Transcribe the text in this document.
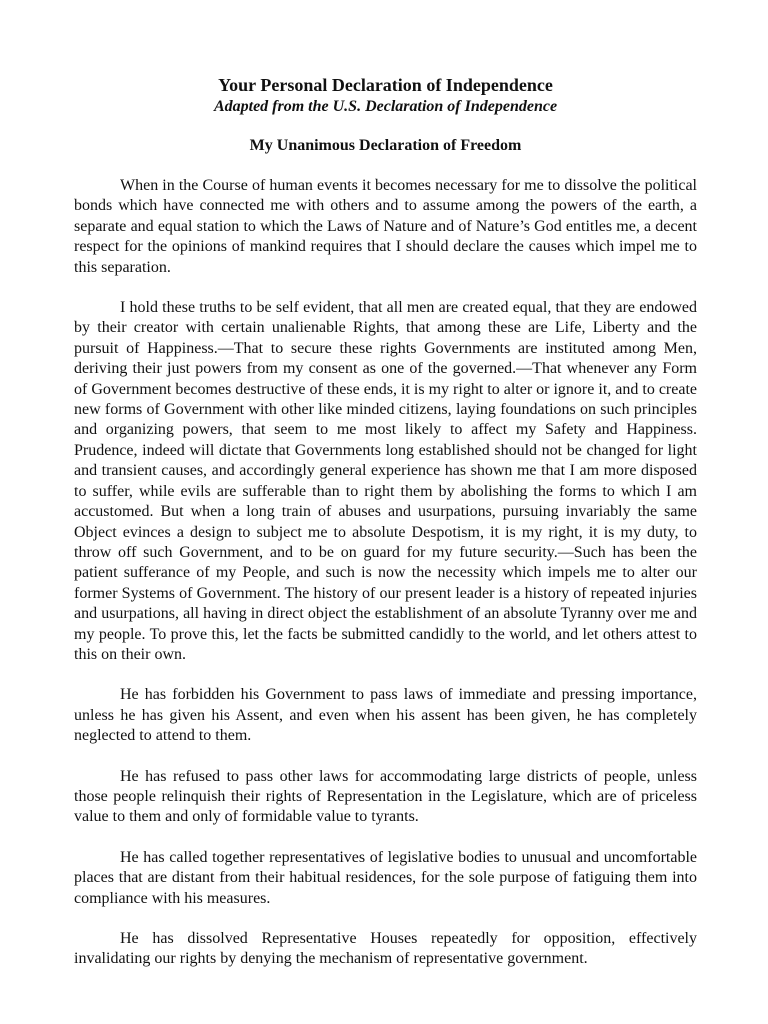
Your Personal Declaration of Independence
Adapted from the U.S. Declaration of Independence
My Unanimous Declaration of Freedom

When in the Course of human events it becomes necessary for me to dissolve the political bonds which have connected me with others and to assume among the powers of the earth, a separate and equal station to which the Laws of Nature and of Nature’s God entitles me, a decent respect for the opinions of mankind requires that I should declare the causes which impel me to this separation.

I hold these truths to be self evident, that all men are created equal, that they are endowed by their creator with certain unalienable Rights, that among these are Life, Liberty and the pursuit of Happiness.—That to secure these rights Governments are instituted among Men, deriving their just powers from my consent as one of the governed.—That whenever any Form of Government becomes destructive of these ends, it is my right to alter or ignore it, and to create new forms of Government with other like minded citizens, laying foundations on such principles and organizing powers, that seem to me most likely to affect my Safety and Happiness. Prudence, indeed will dictate that Governments long established should not be changed for light and transient causes, and accordingly general experience has shown me that I am more disposed to suffer, while evils are sufferable than to right them by abolishing the forms to which I am accustomed. But when a long train of abuses and usurpations, pursuing invariably the same Object evinces a design to subject me to absolute Despotism, it is my right, it is my duty, to throw off such Government, and to be on guard for my future security.—Such has been the patient sufferance of my People, and such is now the necessity which impels me to alter our former Systems of Government. The history of our present leader is a history of repeated injuries and usurpations, all having in direct object the establishment of an absolute Tyranny over me and my people. To prove this, let the facts be submitted candidly to the world, and let others attest to this on their own.

He has forbidden his Government to pass laws of immediate and pressing importance, unless he has given his Assent, and even when his assent has been given, he has completely neglected to attend to them.

He has refused to pass other laws for accommodating large districts of people, unless those people relinquish their rights of Representation in the Legislature, which are of priceless value to them and only of formidable value to tyrants.

He has called together representatives of legislative bodies to unusual and uncomfortable places that are distant from their habitual residences, for the sole purpose of fatiguing them into compliance with his measures.

He has dissolved Representative Houses repeatedly for opposition, effectively invalidating our rights by denying the mechanism of representative government.
